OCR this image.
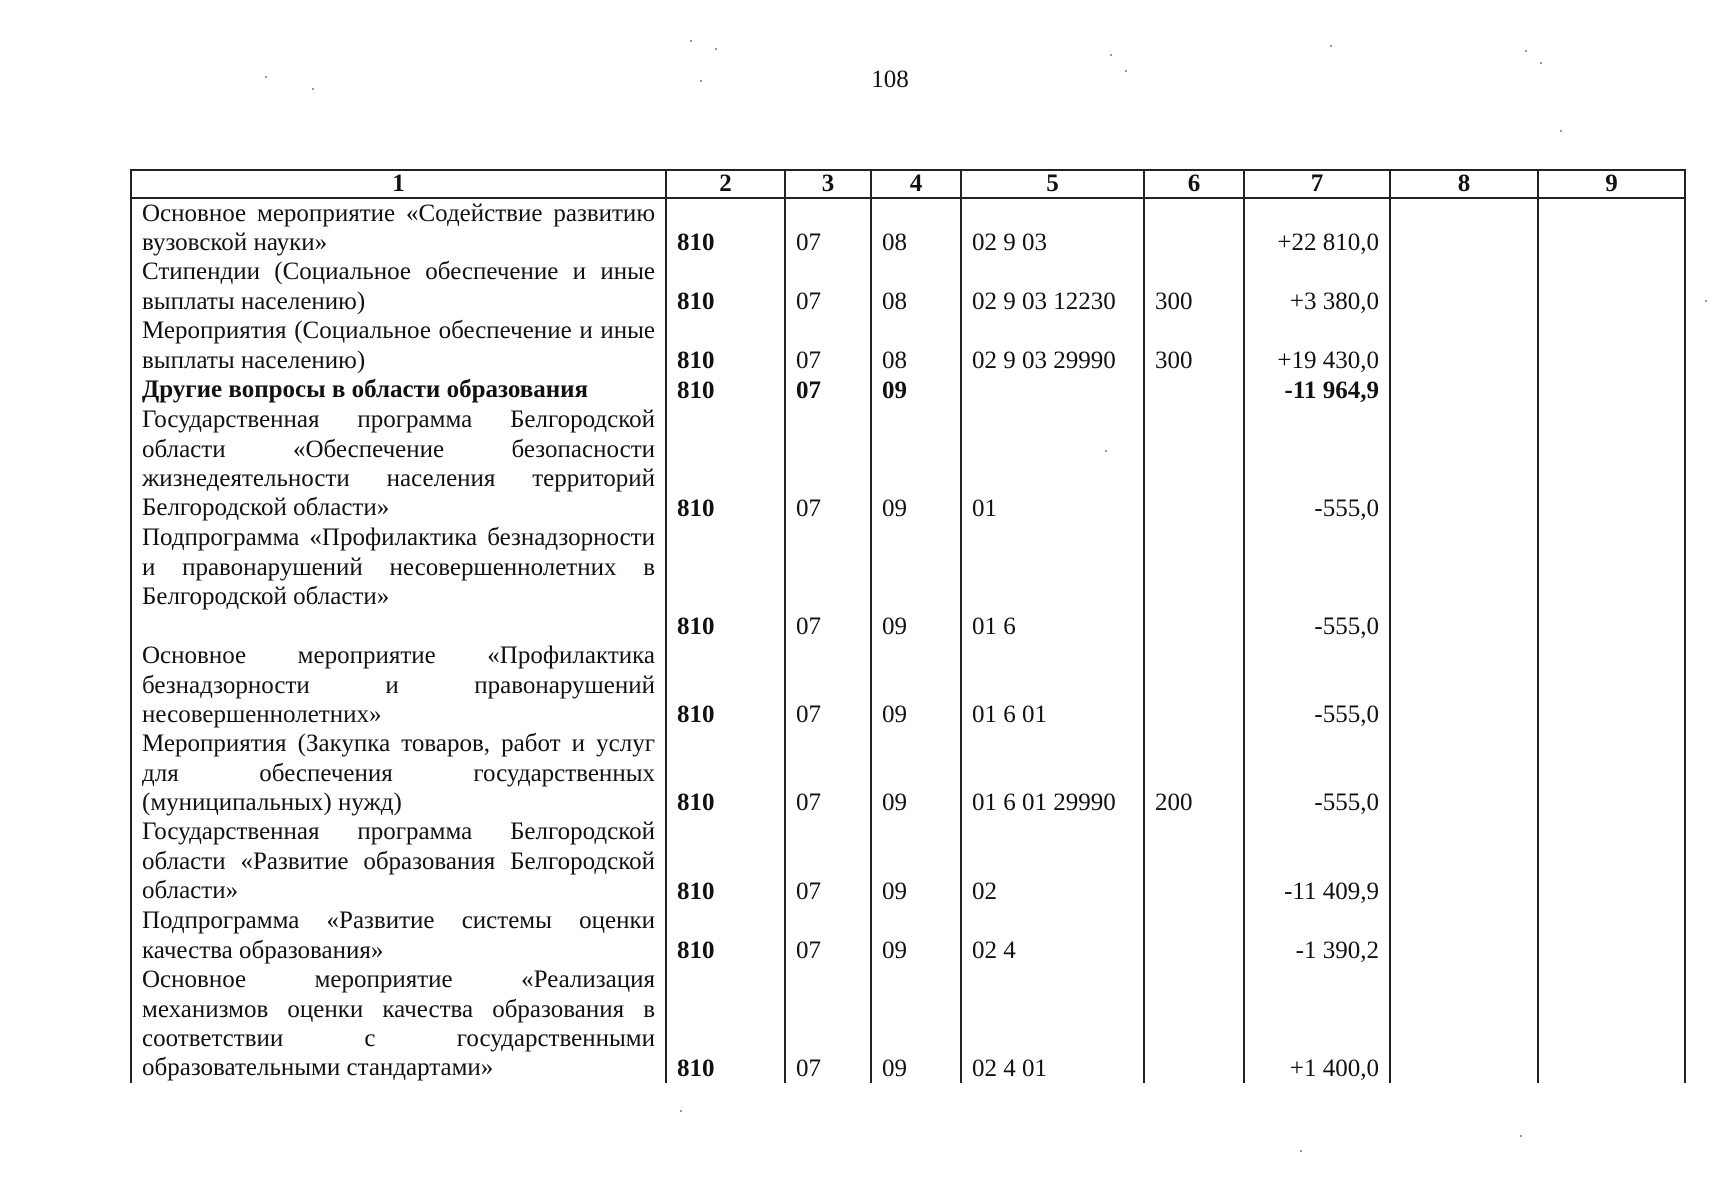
108
1	2	3	4	5	6	7	8	9
Основное мероприятие «Содействие развитию вузовской науки»	810	07	08	02 9 03		+22 810,0		
Стипендии (Социальное обеспечение и иные выплаты населению)	810	07	08	02 9 03 12230	300	+3 380,0		
Мероприятия (Социальное обеспечение и иные выплаты населению)	810	07	08	02 9 03 29990	300	+19 430,0		
Другие вопросы в области образования	810	07	09			-11 964,9		
Государственная программа Белгородской области «Обеспечение безопасности жизнедеятельности населения территорий Белгородской области»	810	07	09	01		-555,0		
Подпрограмма «Профилактика безнадзорности и правонарушений несовершеннолетних в Белгородской области»	810	07	09	01 6		-555,0		
Основное мероприятие «Профилактика безнадзорности и правонарушений несовершеннолетних»	810	07	09	01 6 01		-555,0		
Мероприятия (Закупка товаров, работ и услуг для обеспечения государственных (муниципальных) нужд)	810	07	09	01 6 01 29990	200	-555,0		
Государственная программа Белгородской области «Развитие образования Белгородской области»	810	07	09	02		-11 409,9		
Подпрограмма «Развитие системы оценки качества образования»	810	07	09	02 4		-1 390,2		
Основное мероприятие «Реализация механизмов оценки качества образования в соответствии с государственными образовательными стандартами»	810	07	09	02 4 01		+1 400,0		
